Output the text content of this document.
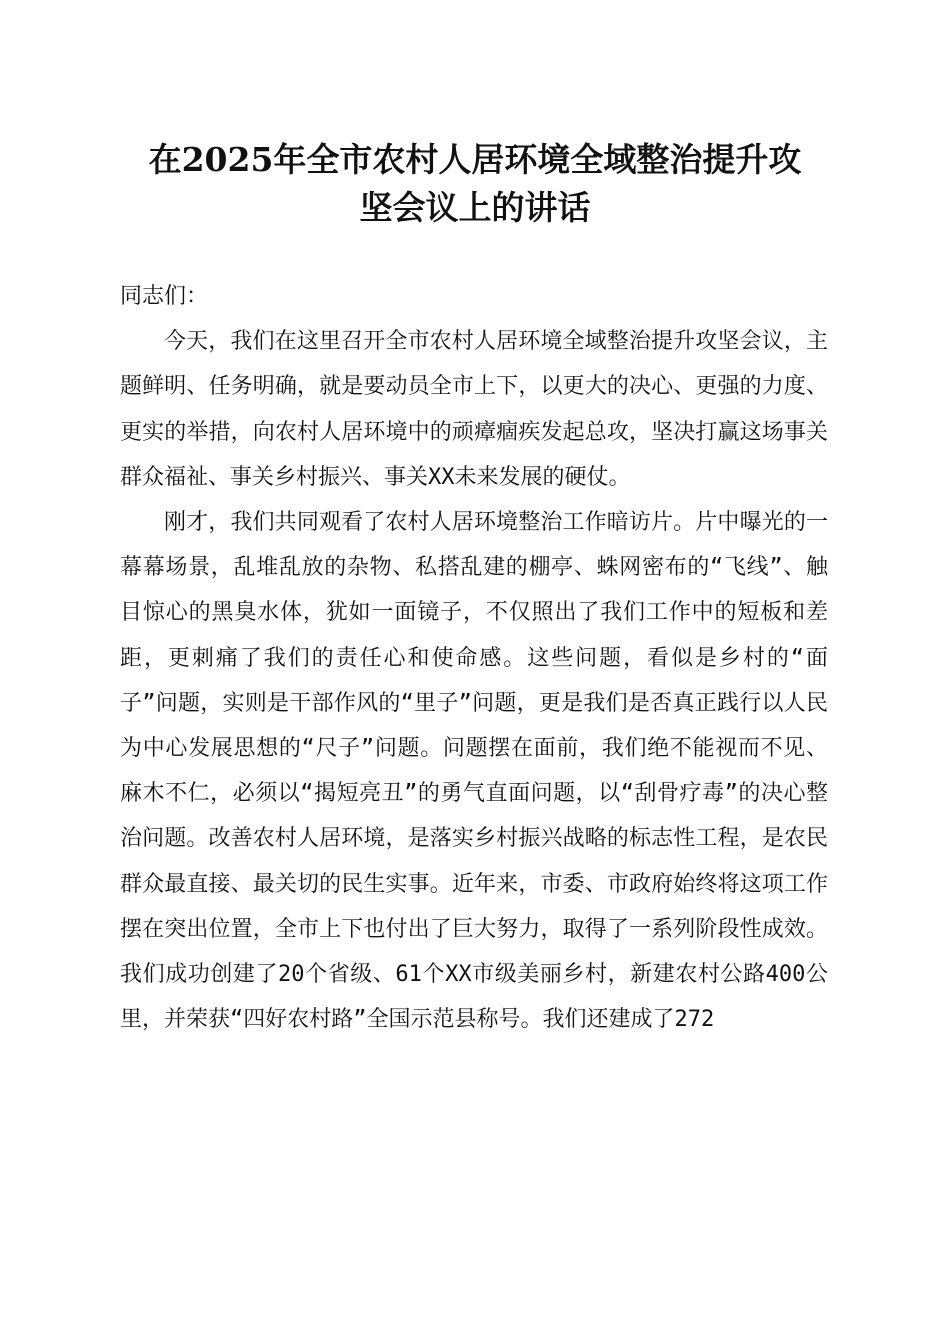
在2025年全市农村人居环境全域整治提升攻
坚会议上的讲话

同志们：

今天，我们在这里召开全市农村人居环境全域整治提升攻坚会议，主题鲜明、任务明确，就是要动员全市上下，以更大的决心、更强的力度、更实的举措，向农村人居环境中的顽瘴痼疾发起总攻，坚决打赢这场事关群众福祉、事关乡村振兴、事关XX未来发展的硬仗。

刚才，我们共同观看了农村人居环境整治工作暗访片。片中曝光的一幕幕场景，乱堆乱放的杂物、私搭乱建的棚亭、蛛网密布的“飞线”、触目惊心的黑臭水体，犹如一面镜子，不仅照出了我们工作中的短板和差距，更刺痛了我们的责任心和使命感。这些问题，看似是乡村的“面子”问题，实则是干部作风的“里子”问题，更是我们是否真正践行以人民为中心发展思想的“尺子”问题。问题摆在面前，我们绝不能视而不见、麻木不仁，必须以“揭短亮丑”的勇气直面问题，以“刮骨疗毒”的决心整治问题。改善农村人居环境，是落实乡村振兴战略的标志性工程，是农民群众最直接、最关切的民生实事。近年来，市委、市政府始终将这项工作摆在突出位置，全市上下也付出了巨大努力，取得了一系列阶段性成效。我们成功创建了20个省级、61个XX市级美丽乡村，新建农村公路400公里，并荣获“四好农村路”全国示范县称号。我们还建成了272
